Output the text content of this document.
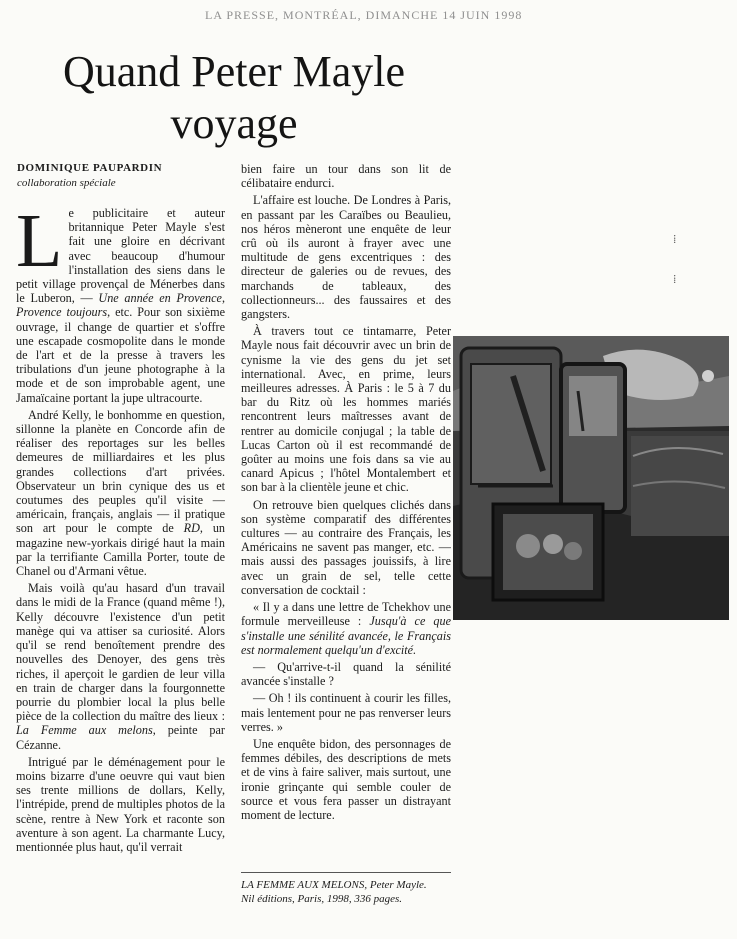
LA PRESSE, MONTRÉAL, DIMANCHE 14 JUIN 1998
Quand Peter Mayle
voyage
DOMINIQUE PAUPARDIN
collaboration spéciale

Le publicitaire et auteur britannique Peter Mayle s'est fait une gloire en décrivant avec beaucoup d'humour l'installation des siens dans le petit village provençal de Ménerbes dans le Luberon, — Une année en Provence, Provence toujours, etc. Pour son sixième ouvrage, il change de quartier et s'offre une escapade cosmopolite dans le monde de l'art et de la presse à travers les tribulations d'un jeune photographe à la mode et de son improbable agent, une Jamaïcaine portant la jupe ultracourte.

André Kelly, le bonhomme en question, sillonne la planète en Concorde afin de réaliser des reportages sur les belles demeures de milliardaires et les plus grandes collections d'art privées. Observateur un brin cynique des us et coutumes des peuples qu'il visite — américain, français, anglais — il pratique son art pour le compte de RD, un magazine new-yorkais dirigé haut la main par la terrifiante Camilla Porter, toute de Chanel ou d'Armani vêtue.

Mais voilà qu'au hasard d'un travail dans le midi de la France (quand même !), Kelly découvre l'existence d'un petit manège qui va attiser sa curiosité. Alors qu'il se rend benoîtement prendre des nouvelles des Denoyer, des gens très riches, il aperçoit le gardien de leur villa en train de charger dans la fourgonnette pourrie du plombier local la plus belle pièce de la collection du maître des lieux : La Femme aux melons, peinte par Cézanne.

Intrigué par le déménagement pour le moins bizarre d'une oeuvre qui vaut bien ses trente millions de dollars, Kelly, l'intrépide, prend de multiples photos de la scène, rentre à New York et raconte son aventure à son agent. La charmante Lucy, mentionnée plus haut, qu'il verrait

bien faire un tour dans son lit de célibataire endurci.

L'affaire est louche. De Londres à Paris, en passant par les Caraïbes ou Beaulieu, nos héros mèneront une enquête de leur crû où ils auront à frayer avec une multitude de gens excentriques : des directeur de galeries ou de revues, des marchands de tableaux, des collectionneurs... des faussaires et des gangsters.

À travers tout ce tintamarre, Peter Mayle nous fait découvrir avec un brin de cynisme la vie des gens du jet set international. Avec, en prime, leurs meilleures adresses. À Paris : le 5 à 7 du bar du Ritz où les hommes mariés rencontrent leurs maîtresses avant de rentrer au domicile conjugal ; la table de Lucas Carton où il est recommandé de goûter au moins une fois dans sa vie au canard Apicus ; l'hôtel Montalembert et son bar à la clientèle jeune et chic.

On retrouve bien quelques clichés dans son système comparatif des différentes cultures — au contraire des Français, les Américains ne savent pas manger, etc. — mais aussi des passages jouissifs, à lire avec un grain de sel, telle cette conversation de cocktail :

« Il y a dans une lettre de Tchekhov une formule merveilleuse : Jusqu'à ce que s'installe une sénilité avancée, le Français est normalement quelqu'un d'excité.

— Qu'arrive-t-il quand la sénilité avancée s'installe ?

— Oh ! ils continuent à courir les filles, mais lentement pour ne pas renverser leurs verres. »

Une enquête bidon, des personnages de femmes débiles, des descriptions de mets et de vins à faire saliver, mais surtout, une ironie grinçante qui semble couler de source et vous fera passer un distrayant moment de lecture.

LA FEMME AUX MELONS, Peter Mayle.
Nil éditions, Paris, 1998, 336 pages.
⁞
⁞
